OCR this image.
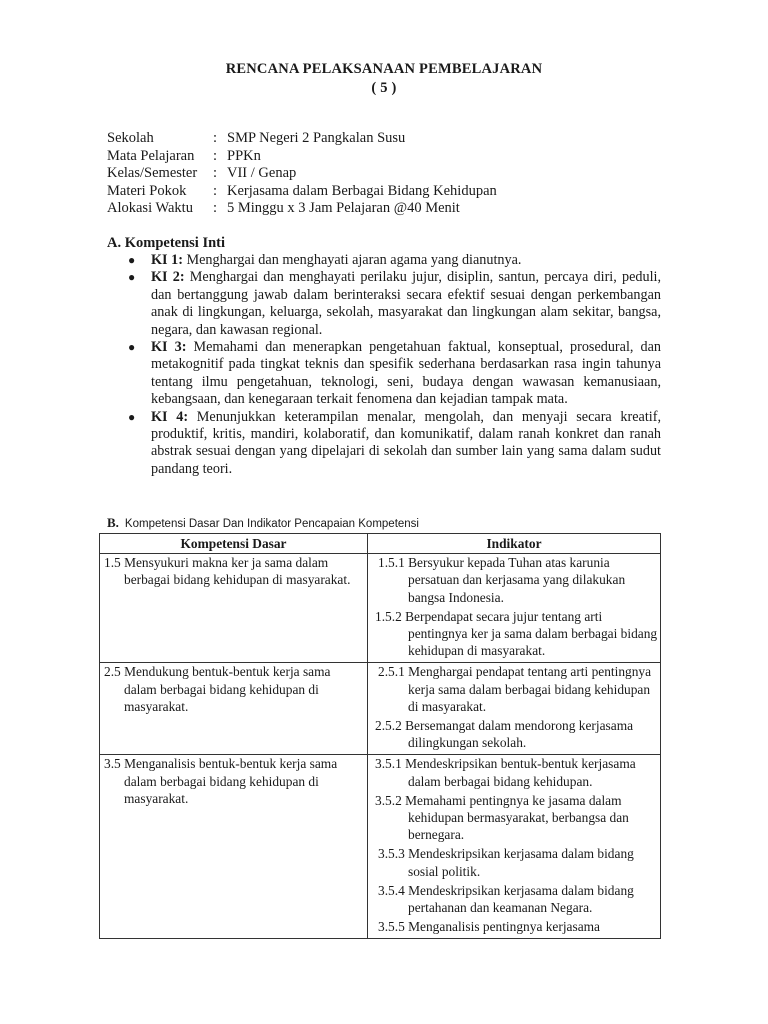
RENCANA PELAKSANAAN PEMBELAJARAN
( 5 )
Sekolah	: SMP Negeri 2 Pangkalan Susu
Mata Pelajaran	: PPKn
Kelas/Semester	: VII / Genap
Materi Pokok	: Kerjasama dalam Berbagai Bidang Kehidupan
Alokasi Waktu	: 5 Minggu x 3 Jam Pelajaran @40 Menit
A. Kompetensi Inti
●	KI 1: Menghargai dan menghayati ajaran agama yang dianutnya.
●	KI 2: Menghargai dan menghayati perilaku jujur, disiplin, santun, percaya diri, peduli, dan bertanggung jawab dalam berinteraksi secara efektif sesuai dengan perkembangan anak di lingkungan, keluarga, sekolah, masyarakat dan lingkungan alam sekitar, bangsa, negara, dan kawasan regional.
●	KI 3: Memahami dan menerapkan pengetahuan faktual, konseptual, prosedural, dan metakognitif pada tingkat teknis dan spesifik sederhana berdasarkan rasa ingin tahunya tentang ilmu pengetahuan, teknologi, seni, budaya dengan wawasan kemanusiaan, kebangsaan, dan kenegaraan terkait fenomena dan kejadian tampak mata.
●	KI 4: Menunjukkan keterampilan menalar, mengolah, dan menyaji secara kreatif, produktif, kritis, mandiri, kolaboratif, dan komunikatif, dalam ranah konkret dan ranah abstrak sesuai dengan yang dipelajari di sekolah dan sumber lain yang sama dalam sudut pandang teori.
B. Kompetensi Dasar Dan Indikator Pencapaian Kompetensi
Kompetensi Dasar	Indikator

1.5 Mensyukuri makna ker ja sama dalam berbagai bidang kehidupan di masyarakat.	1.5.1 Bersyukur kepada Tuhan atas karunia persatuan dan kerjasama yang dilakukan bangsa Indonesia.
1.5.2 Berpendapat secara jujur tentang arti pentingnya ker ja sama dalam berbagai bidang kehidupan di masyarakat.

2.5 Mendukung bentuk-bentuk kerja sama dalam berbagai bidang kehidupan di masyarakat.	2.5.1 Menghargai pendapat tentang arti pentingnya kerja sama dalam berbagai bidang kehidupan di masyarakat.
2.5.2 Bersemangat dalam mendorong kerjasama dilingkungan sekolah.

3.5 Menganalisis bentuk-bentuk kerja sama dalam berbagai bidang kehidupan di masyarakat.	3.5.1 Mendeskripsikan bentuk-bentuk kerjasama dalam berbagai bidang kehidupan.
3.5.2 Memahami pentingnya ke jasama dalam kehidupan bermasyarakat, berbangsa dan bernegara.
3.5.3 Mendeskripsikan kerjasama dalam bidang sosial politik.
3.5.4 Mendeskripsikan kerjasama dalam bidang pertahanan dan keamanan Negara.
3.5.5 Menganalisis pentingnya kerjasama
